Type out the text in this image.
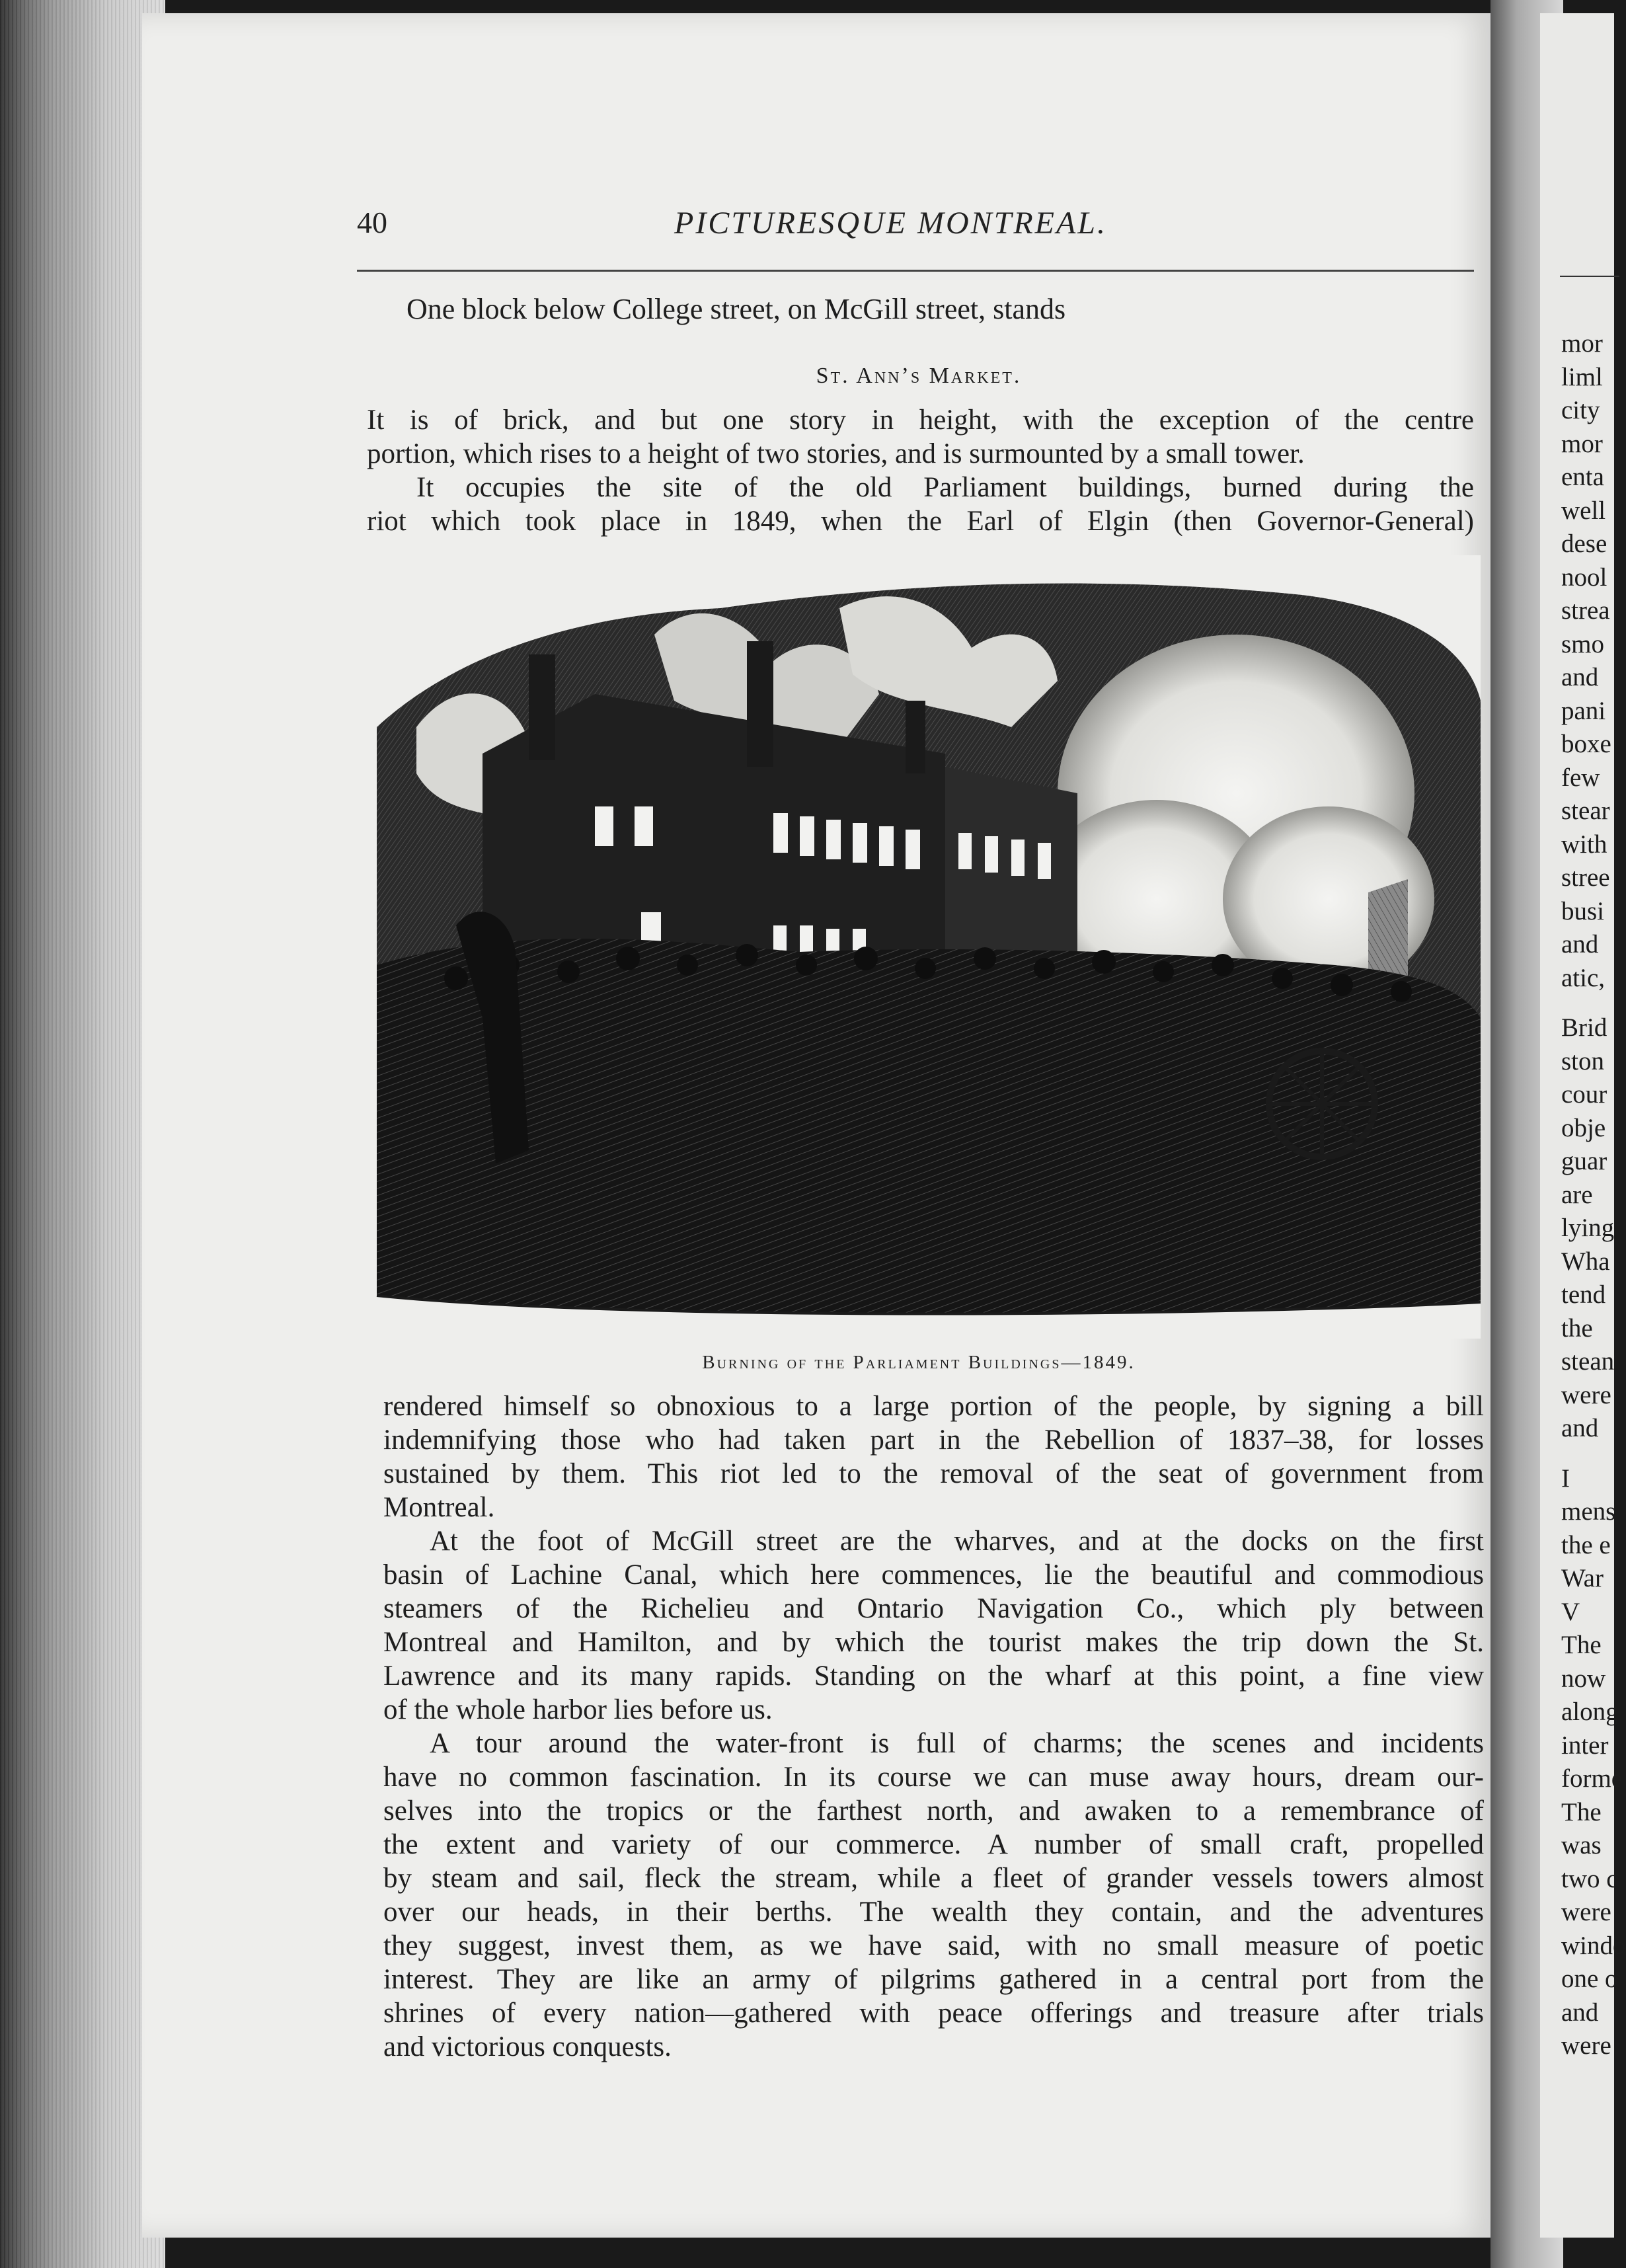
mor
liml
city
mor
enta
well
dese
nool
strea
smo
and
pani
boxe
few
stear
with
stree
busi
and
atic,
Brid
ston
cour
obje
guar
are
lying
Wha
tend
the
stean
were
and
I
mens
the e
War
V
The
now
along
inter
forme
The
was
two c
were
windo
one o
and
were
40	PICTURESQUE MONTREAL.
One block below College street, on McGill street, stands
St. Ann’s Market.
It is of brick, and but one story in height, with the exception of the centre
portion, which rises to a height of two stories, and is surmounted by a small tower.
It occupies the site of the old Parliament buildings, burned during the
riot which took place in 1849, when the Earl of Elgin (then Governor-General)
Burning of the Parliament Buildings—1849.
rendered himself so obnoxious to a large portion of the people, by signing a bill
indemnifying those who had taken part in the Rebellion of 1837–38, for losses
sustained by them. This riot led to the removal of the seat of government from
Montreal.
At the foot of McGill street are the wharves, and at the docks on the first
basin of Lachine Canal, which here commences, lie the beautiful and commodious
steamers of the Richelieu and Ontario Navigation Co., which ply between
Montreal and Hamilton, and by which the tourist makes the trip down the St.
Lawrence and its many rapids. Standing on the wharf at this point, a fine view
of the whole harbor lies before us.
A tour around the water-front is full of charms; the scenes and incidents
have no common fascination. In its course we can muse away hours, dream our-
selves into the tropics or the farthest north, and awaken to a remembrance of
the extent and variety of our commerce. A number of small craft, propelled
by steam and sail, fleck the stream, while a fleet of grander vessels towers almost
over our heads, in their berths. The wealth they contain, and the adventures
they suggest, invest them, as we have said, with no small measure of poetic
interest. They are like an army of pilgrims gathered in a central port from the
shrines of every nation—gathered with peace offerings and treasure after trials
and victorious conquests.
